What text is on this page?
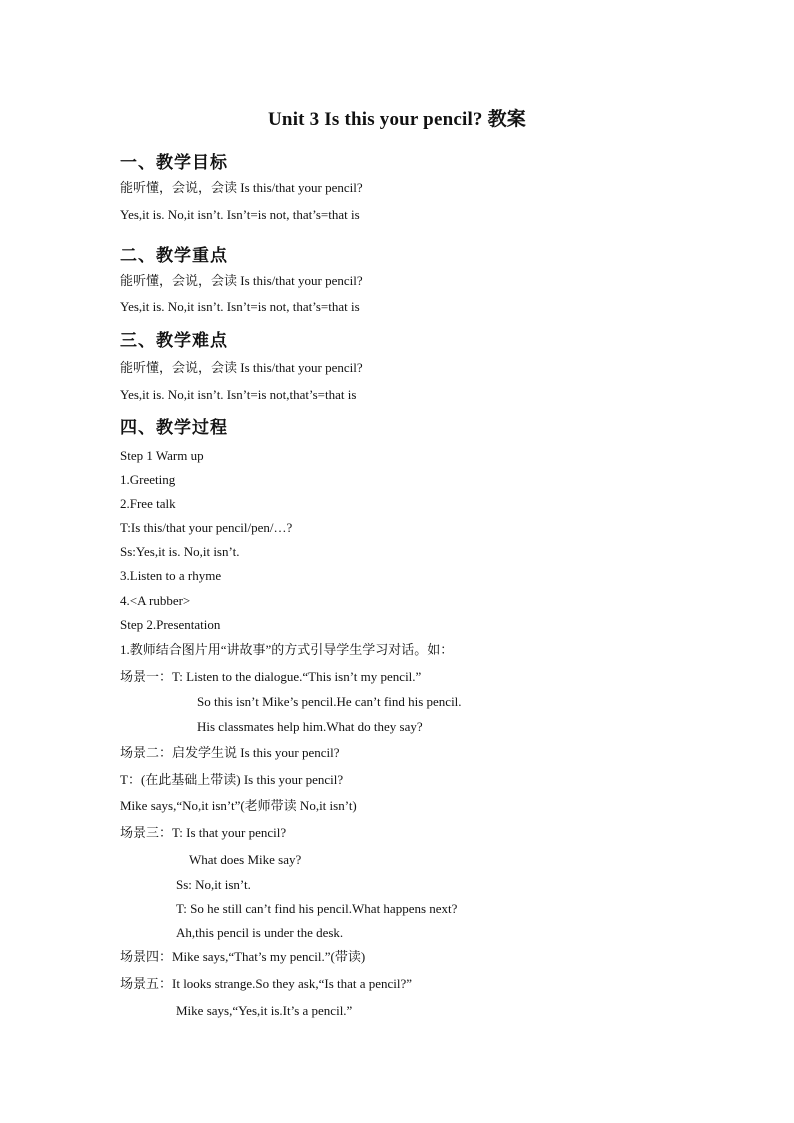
Unit 3 Is this your pencil? 教案
一、教学目标
能听懂，会说，会读 Is this/that your pencil?
Yes,it is. No,it isn’t. Isn’t=is not, that’s=that is
二、教学重点
能听懂，会说，会读 Is this/that your pencil?
Yes,it is. No,it isn’t. Isn’t=is not, that’s=that is
三、教学难点
能听懂，会说，会读 Is this/that your pencil?
Yes,it is. No,it isn’t. Isn’t=is not,that’s=that is
四、教学过程
Step 1 Warm up
1.Greeting
2.Free talk
T:Is this/that your pencil/pen/…?
Ss:Yes,it is. No,it isn’t.
3.Listen to a rhyme
4.<A rubber>
Step 2.Presentation
1.教师结合图片用“讲故事”的方式引导学生学习对话。如：
场景一：T: Listen to the dialogue.“This isn’t my pencil.”
So this isn’t Mike’s pencil.He can’t find his pencil.
His classmates help him.What do they say?
场景二：启发学生说 Is this your pencil?
T：(在此基础上带读) Is this your pencil?
Mike says,“No,it isn’t”(老师带读 No,it isn’t)
场景三：T: Is that your pencil?
What does Mike say?
Ss: No,it isn’t.
T: So he still can’t find his pencil.What happens next?
Ah,this pencil is under the desk.
场景四：Mike says,“That’s my pencil.”(带读)
场景五：It looks strange.So they ask,“Is that a pencil?”
Mike says,“Yes,it is.It’s a pencil.”
